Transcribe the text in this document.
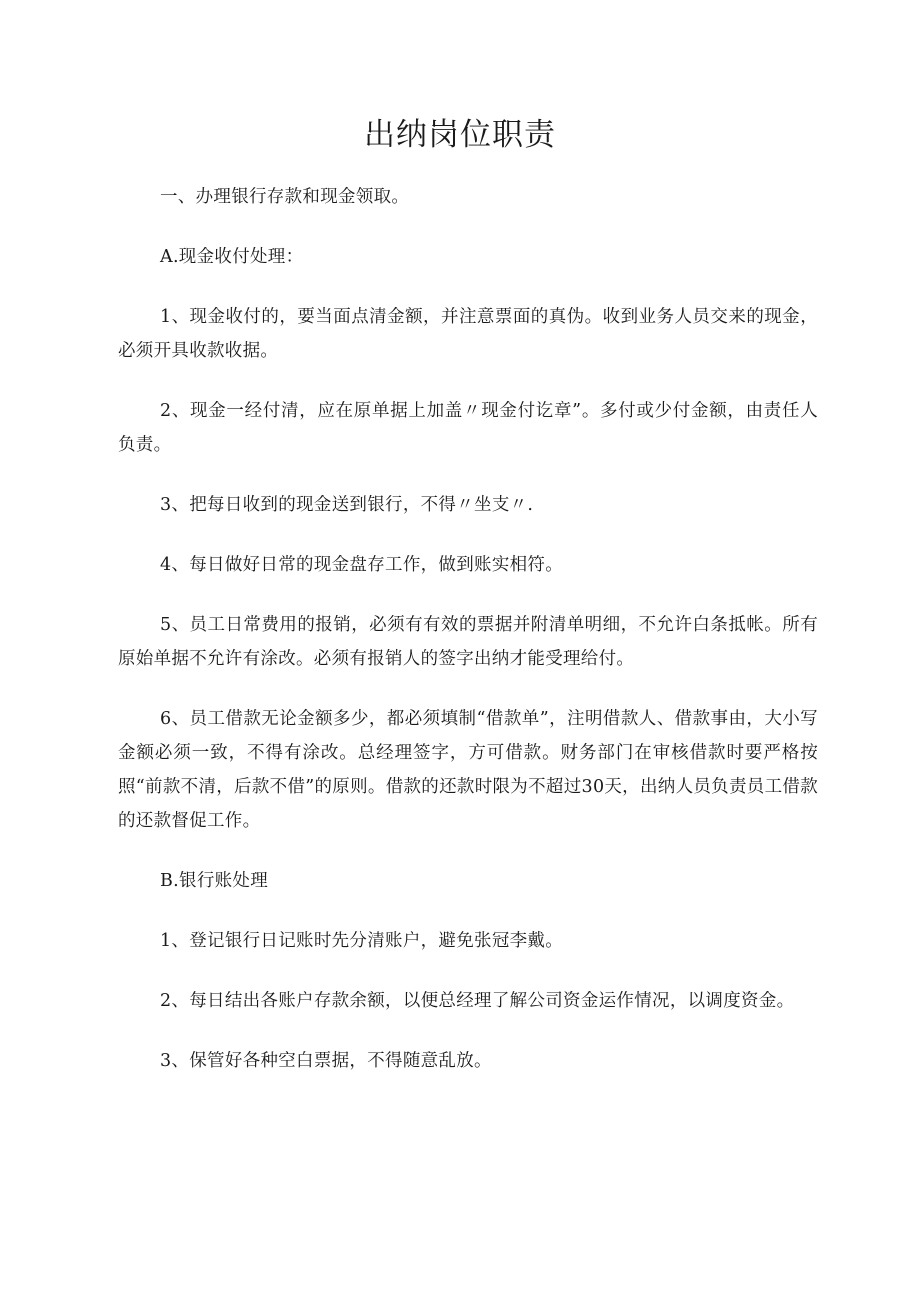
出纳岗位职责

一、办理银行存款和现金领取。

A.现金收付处理：

1、现金收付的，要当面点清金额，并注意票面的真伪。收到业务人员交来的现金，必须开具收款收据。

2、现金一经付清，应在原单据上加盖〃现金付讫章”。多付或少付金额，由责任人负责。

3、把每日收到的现金送到银行，不得〃坐支〃.

4、每日做好日常的现金盘存工作，做到账实相符。

5、员工日常费用的报销，必须有有效的票据并附清单明细，不允许白条抵帐。所有原始单据不允许有涂改。必须有报销人的签字出纳才能受理给付。

6、员工借款无论金额多少，都必须填制“借款单”，注明借款人、借款事由，大小写金额必须一致，不得有涂改。总经理签字，方可借款。财务部门在审核借款时要严格按照“前款不清，后款不借”的原则。借款的还款时限为不超过30天，出纳人员负责员工借款的还款督促工作。

B.银行账处理

1、登记银行日记账时先分清账户，避免张冠李戴。

2、每日结出各账户存款余额，以便总经理了解公司资金运作情况，以调度资金。

3、保管好各种空白票据，不得随意乱放。
